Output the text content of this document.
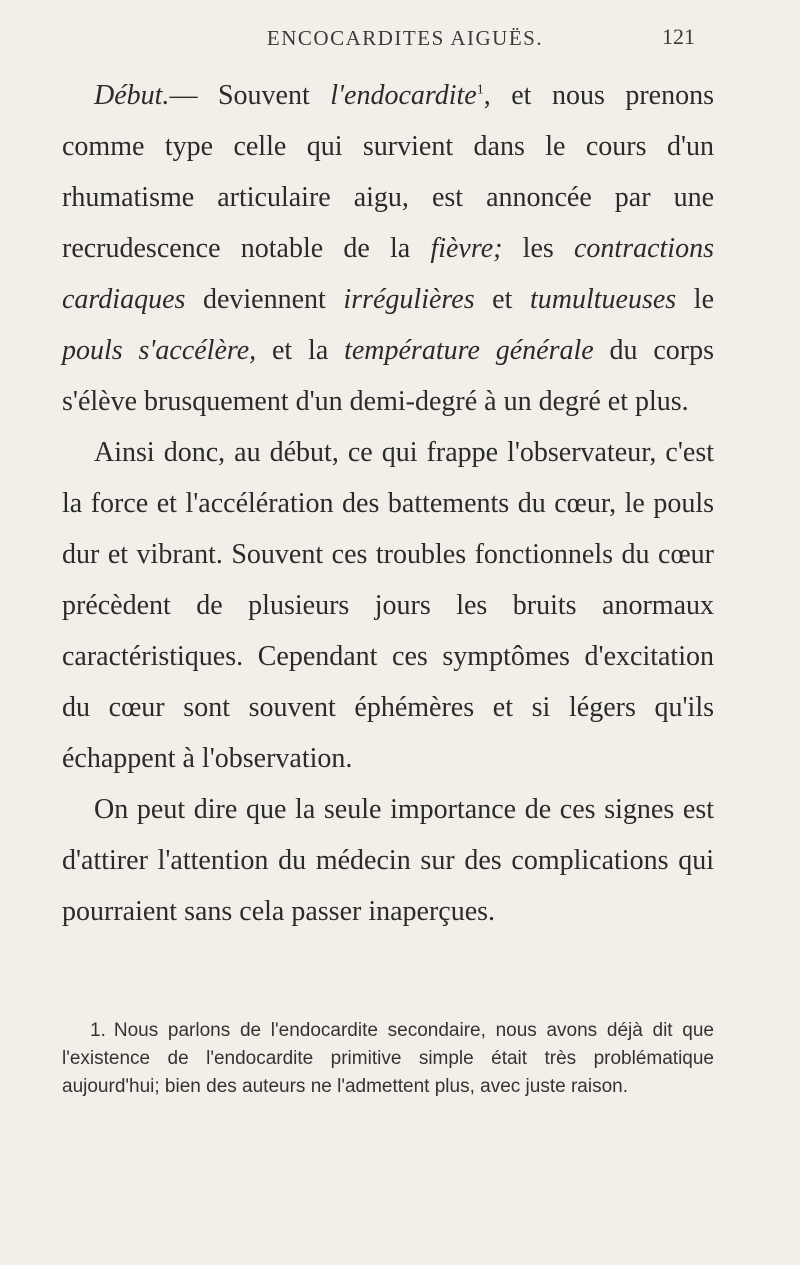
ENCOCARDITES AIGUËS.	121

Début.— Souvent l'endocardite$^1$, et nous prenons comme type celle qui survient dans le cours d'un rhumatisme articulaire aigu, est annoncée par une recrudescence notable de la fièvre; les contractions cardiaques deviennent irrégulières et tumultueuses le pouls s'accélère, et la température générale du corps s'élève brusquement d'un demi-degré à un degré et plus.

Ainsi donc, au début, ce qui frappe l'observateur, c'est la force et l'accélération des battements du cœur, le pouls dur et vibrant. Souvent ces troubles fonctionnels du cœur précèdent de plusieurs jours les bruits anormaux caractéristiques. Cependant ces symptômes d'excitation du cœur sont souvent éphémères et si légers qu'ils échappent à l'observation.

On peut dire que la seule importance de ces signes est d'attirer l'attention du médecin sur des complications qui pourraient sans cela passer inaperçues.

1. Nous parlons de l'endocardite secondaire, nous avons déjà dit que l'existence de l'endocardite primitive simple était très problématique aujourd'hui; bien des auteurs ne l'admettent plus, avec juste raison.
